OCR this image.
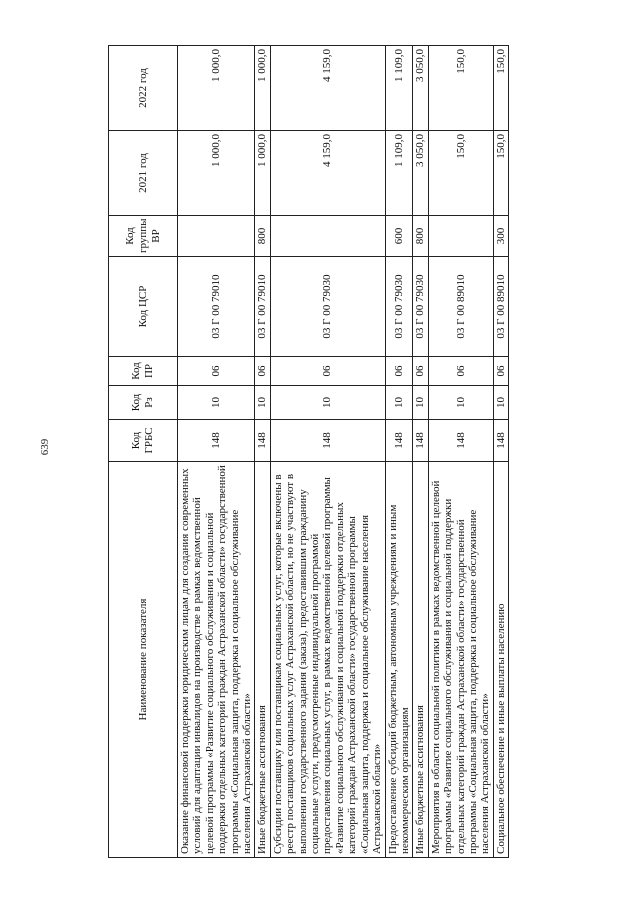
639
Наименование показателя	Код ГРБС	Код Рз	Код ПР	Код ЦСР	Код группы ВР	2021 год	2022 год
Оказание финансовой поддержки юридическим лицам для создания современных условий для адаптации инвалидов на производстве в рамках ведомственной целевой программы «Развитие социального обслуживания и социальной поддержки отдельных категорий граждан Астраханской области» государственной программы «Социальная защита, поддержка и социальное обслуживание населения Астраханской области»	148	10	06	03 Г 00 79010		1 000,0	1 000,0
Иные бюджетные ассигнования	148	10	06	03 Г 00 79010	800	1 000,0	1 000,0
Субсидии поставщику или поставщикам социальных услуг, которые включены в реестр поставщиков социальных услуг Астраханской области, но не участвуют в выполнении государственного задания (заказа), предоставившим гражданину социальные услуги, предусмотренные индивидуальной программой предоставления социальных услуг, в рамках ведомственной целевой программы «Развитие социального обслуживания и социальной поддержки отдельных категорий граждан Астраханской области» государственной программы «Социальная защита, поддержка и социальное обслуживание населения Астраханской области»	148	10	06	03 Г 00 79030		4 159,0	4 159,0
Предоставление субсидий бюджетным, автономным учреждениям и иным некоммерческим организациям	148	10	06	03 Г 00 79030	600	1 109,0	1 109,0
Иные бюджетные ассигнования	148	10	06	03 Г 00 79030	800	3 050,0	3 050,0
Мероприятия в области социальной политики в рамках ведомственной целевой программы «Развитие социального обслуживания и социальной поддержки отдельных категорий граждан Астраханской области» государственной программы «Социальная защита, поддержка и социальное обслуживание населения Астраханской области»	148	10	06	03 Г 00 89010		150,0	150,0
Социальное обеспечение и иные выплаты населению	148	10	06	03 Г 00 89010	300	150,0	150,0
